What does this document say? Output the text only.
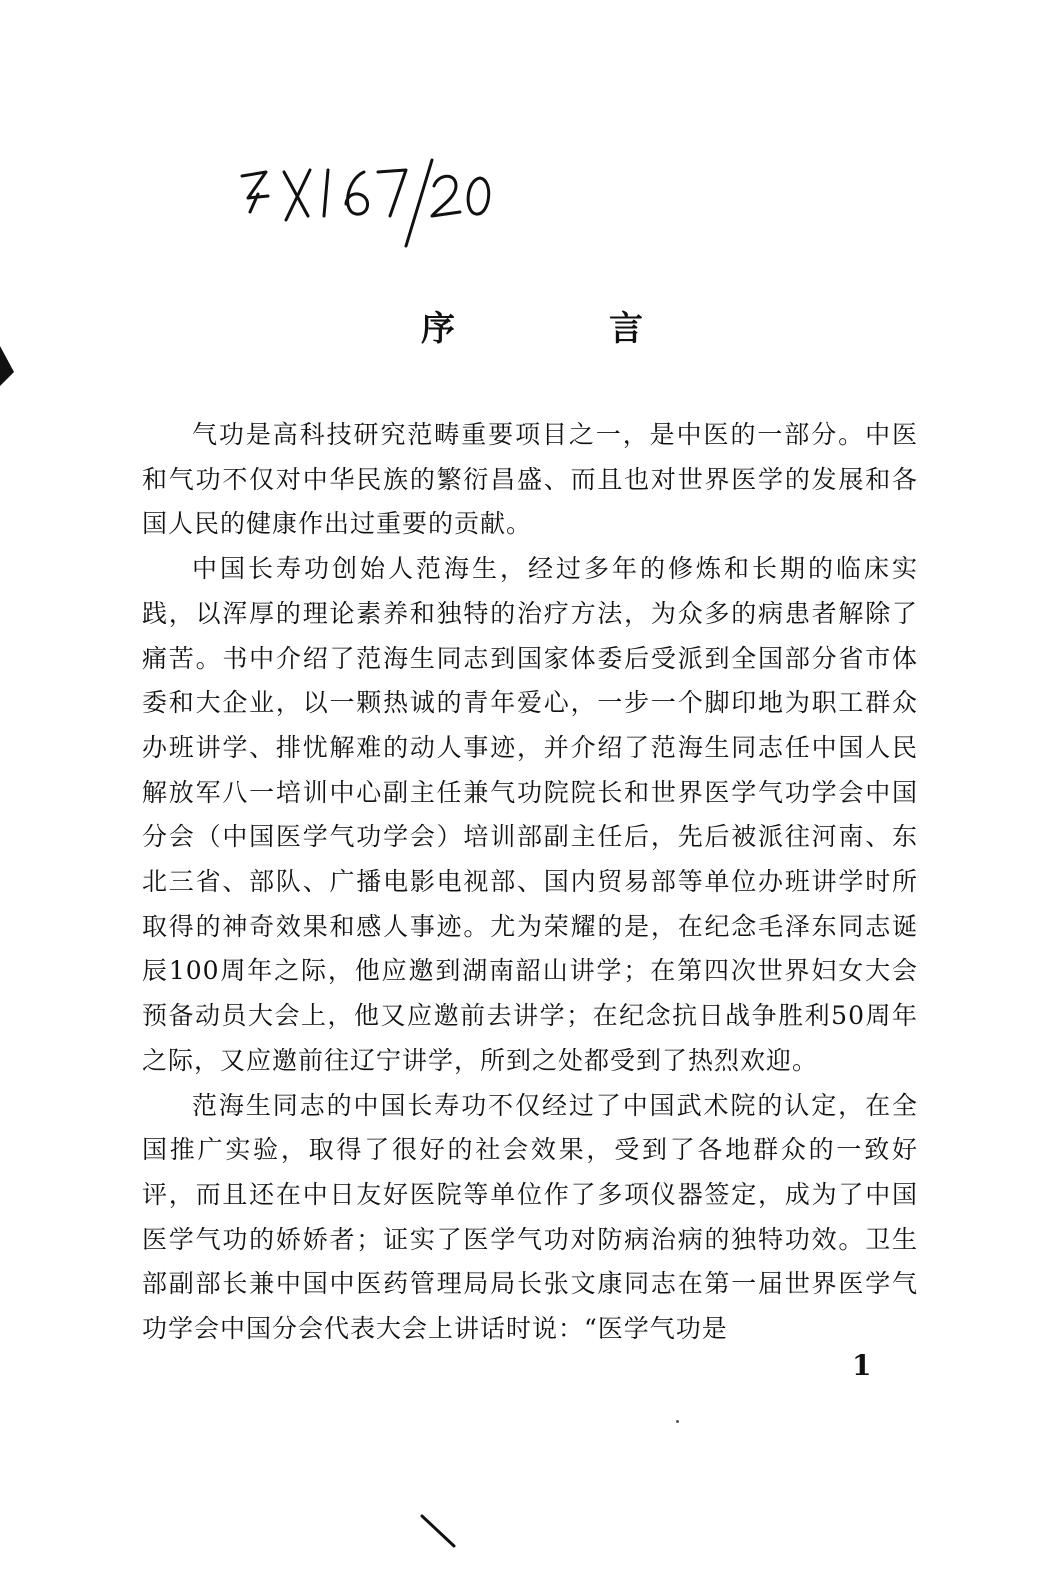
序　言

气功是高科技研究范畴重要项目之一，是中医的一部分。中医和气功不仅对中华民族的繁衍昌盛、而且也对世界医学的发展和各国人民的健康作出过重要的贡献。

中国长寿功创始人范海生，经过多年的修炼和长期的临床实践，以浑厚的理论素养和独特的治疗方法，为众多的病患者解除了痛苦。书中介绍了范海生同志到国家体委后受派到全国部分省市体委和大企业，以一颗热诚的青年爱心，一步一个脚印地为职工群众办班讲学、排忧解难的动人事迹，并介绍了范海生同志任中国人民解放军八一培训中心副主任兼气功院院长和世界医学气功学会中国分会（中国医学气功学会）培训部副主任后，先后被派往河南、东北三省、部队、广播电影电视部、国内贸易部等单位办班讲学时所取得的神奇效果和感人事迹。尤为荣耀的是，在纪念毛泽东同志诞辰100周年之际，他应邀到湖南韶山讲学；在第四次世界妇女大会预备动员大会上，他又应邀前去讲学；在纪念抗日战争胜利50周年之际，又应邀前往辽宁讲学，所到之处都受到了热烈欢迎。

范海生同志的中国长寿功不仅经过了中国武术院的认定，在全国推广实验，取得了很好的社会效果，受到了各地群众的一致好评，而且还在中日友好医院等单位作了多项仪器签定，成为了中国医学气功的娇娇者；证实了医学气功对防病治病的独特功效。卫生部副部长兼中国中医药管理局局长张文康同志在第一届世界医学气功学会中国分会代表大会上讲话时说：“医学气功是

1
